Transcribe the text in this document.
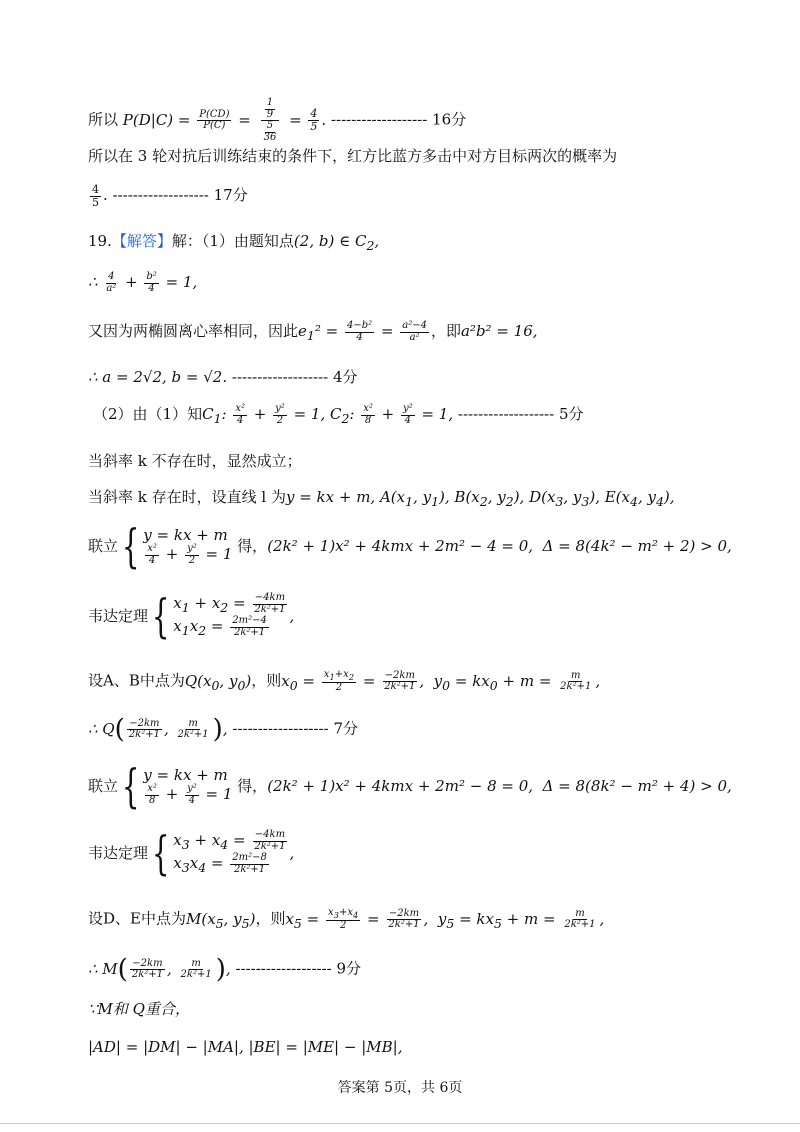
所以 $P(D|C) = \frac{P(CD)}{P(C)} = \frac{\frac{1}{9}}{\frac{5}{36}} = \frac{4}{5}$ . ------------------- 16分
所以在 3 轮对抗后训练结束的条件下，红方比蓝方多击中对方目标两次的概率为
$\frac{4}{5}$ . ------------------- 17分
19.【解答】解：（1）由题知点(2, b) ∈ $C_2$,
∴ $\frac{4}{\text{a²}} + \frac{\text{b²}}{4} = 1$,
又因为两椭圆离心率相同，因此$e_1^2 = \frac{\text{4−b²}}{4} = \frac{\text{a²−4}}{\text{a²}}$ ，即a²b² = 16,
∴ a = 2√2, b = √2. ------------------- 4分
（2）由（1）知$C_1$: $\frac{\text{x²}}{4} + \frac{\text{y²}}{2} = 1$, $C_2$: $\frac{\text{x²}}{8} + \frac{\text{y²}}{4} = 1$, ------------------- 5分
当斜率 k 不存在时，显然成立；
当斜率 k 存在时，设直线 l 为y = kx + m, $A(x_1$, $y_1$), $B(x_2$, $y_2$), $D(x_3$, $y_3$), $E(x_4$, $y_4$),
联立{ y = kx + m
$\frac{\text{x²}}{4} + \frac{\text{y²}}{2} = 1$ 得，(2k² + 1)x² + 4kmx + 2m² − 4 = 0,  Δ = 8(4k² − m² + 2) > 0,
韦达定理{ $x_1 + x_2 = \frac{-4km}{\text{2k²+1}}$
$x_1x_2 = \frac{\text{2m²−4}}{\text{2k²+1}}$ ,
设A、B中点为$Q(x_0$, $y_0$)，则$x_0 = \frac{x_1+x_2}{2} = \frac{-2km}{\text{2k²+1}}$ ,  $y_0 = kx_0 + m = \frac{m}{\text{2k²+1}}$ ,
∴ $Q( \frac{-2km}{\text{2k²+1}}$ , $\frac{m}{\text{2k²+1}}$ ), ------------------- 7分
联立{ y = kx + m
$\frac{\text{x²}}{8} + \frac{\text{y²}}{4} = 1$ 得，(2k² + 1)x² + 4kmx + 2m² − 8 = 0,  Δ = 8(8k² − m² + 4) > 0,
韦达定理{ $x_3 + x_4 = \frac{-4km}{\text{2k²+1}}$
$x_3x_4 = \frac{\text{2m²−8}}{\text{2k²+1}}$ ,
设D、E中点为$M(x_5$, $y_5$)，则$x_5 = \frac{x_3+x_4}{2} = \frac{-2km}{\text{2k²+1}}$ ,  $y_5 = kx_5 + m = \frac{m}{\text{2k²+1}}$ ,
∴ $M( \frac{-2km}{\text{2k²+1}}$ , $\frac{m}{\text{2k²+1}}$ ), ------------------- 9分
∵M和 Q重合，
|AD| = |DM| − |MA|, |BE| = |ME| − |MB|,
答案第 5页，共 6页
